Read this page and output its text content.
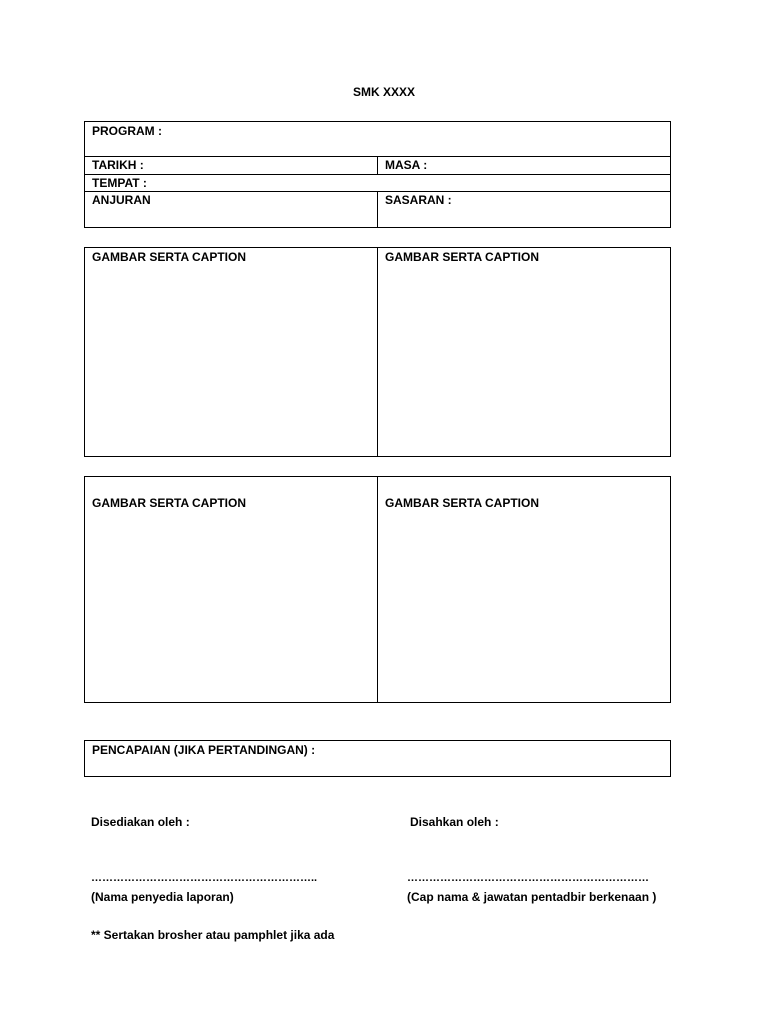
SMK XXXX
PROGRAM :	
TARIKH :	MASA :
TEMPAT :	
ANJURAN	SASARAN :
GAMBAR SERTA CAPTION	GAMBAR SERTA CAPTION
GAMBAR SERTA CAPTION	GAMBAR SERTA CAPTION
PENCAPAIAN (JIKA PERTANDINGAN) :
Disediakan oleh :	Disahkan oleh :
……………………………………………………..	…………………………………………………………
(Nama penyedia laporan)	(Cap nama & jawatan pentadbir berkenaan )
** Sertakan brosher atau pamphlet jika ada
